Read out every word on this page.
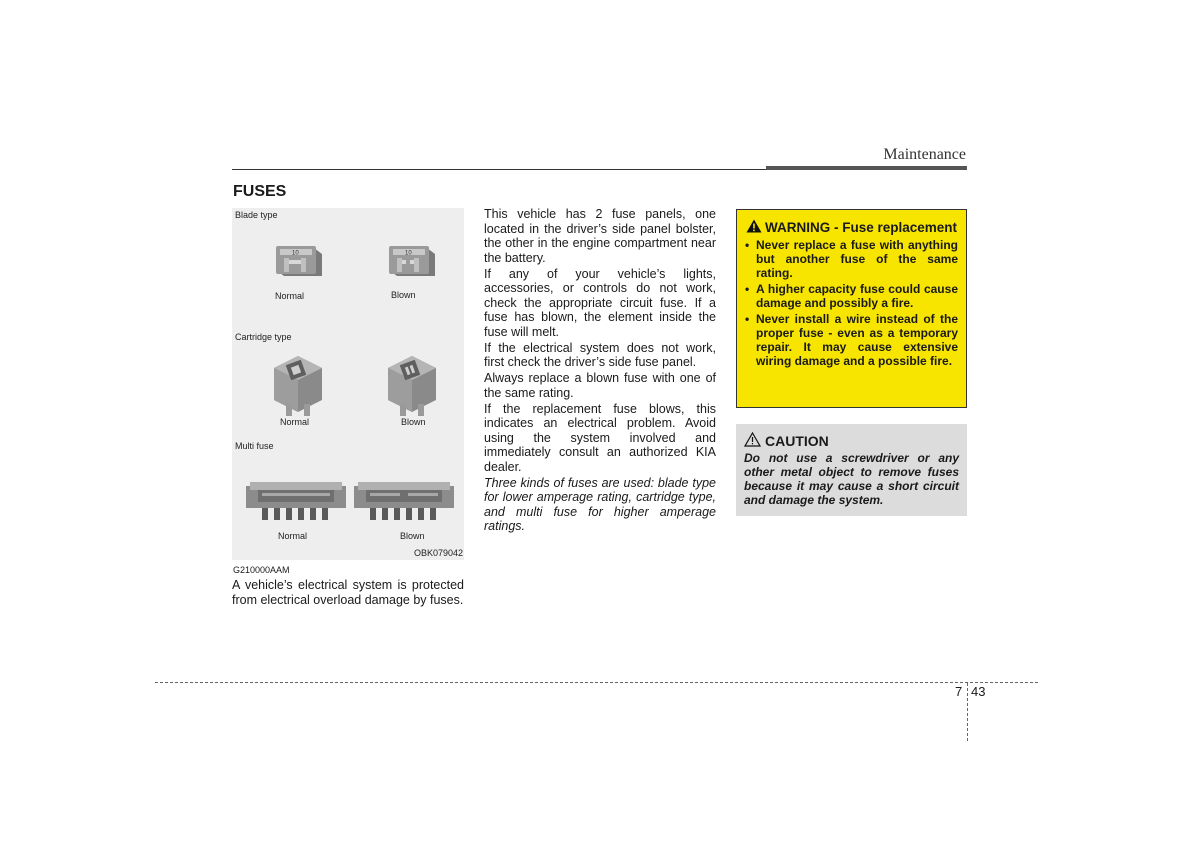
Maintenance
FUSES
Blade type
10
Normal
10
Blown
Cartridge type
Normal	Blown
Multi fuse
Normal	Blown
OBK079042
G210000AAM

A vehicle’s electrical system is protected from electrical overload damage by fuses.

This vehicle has 2 fuse panels, one located in the driver’s side panel bolster, the other in the engine compartment near the battery.

If any of your vehicle’s lights, accessories, or controls do not work, check the appropriate circuit fuse. If a fuse has blown, the element inside the fuse will melt.

If the electrical system does not work, first check the driver’s side fuse panel.

Always replace a blown fuse with one of the same rating.

If the replacement fuse blows, this indicates an electrical problem. Avoid using the system involved and immediately consult an authorized KIA dealer.

Three kinds of fuses are used: blade type for lower amperage rating, cartridge type, and multi fuse for higher amperage ratings.

WARNING - Fuse replacement
• Never replace a fuse with anything but another fuse of the same rating.
• A higher capacity fuse could cause damage and possibly a fire.
• Never install a wire instead of the proper fuse - even as a temporary repair. It may cause extensive wiring damage and a possible fire.
CAUTION
Do not use a screwdriver or any other metal object to remove fuses because it may cause a short circuit and damage the system.
7 43
